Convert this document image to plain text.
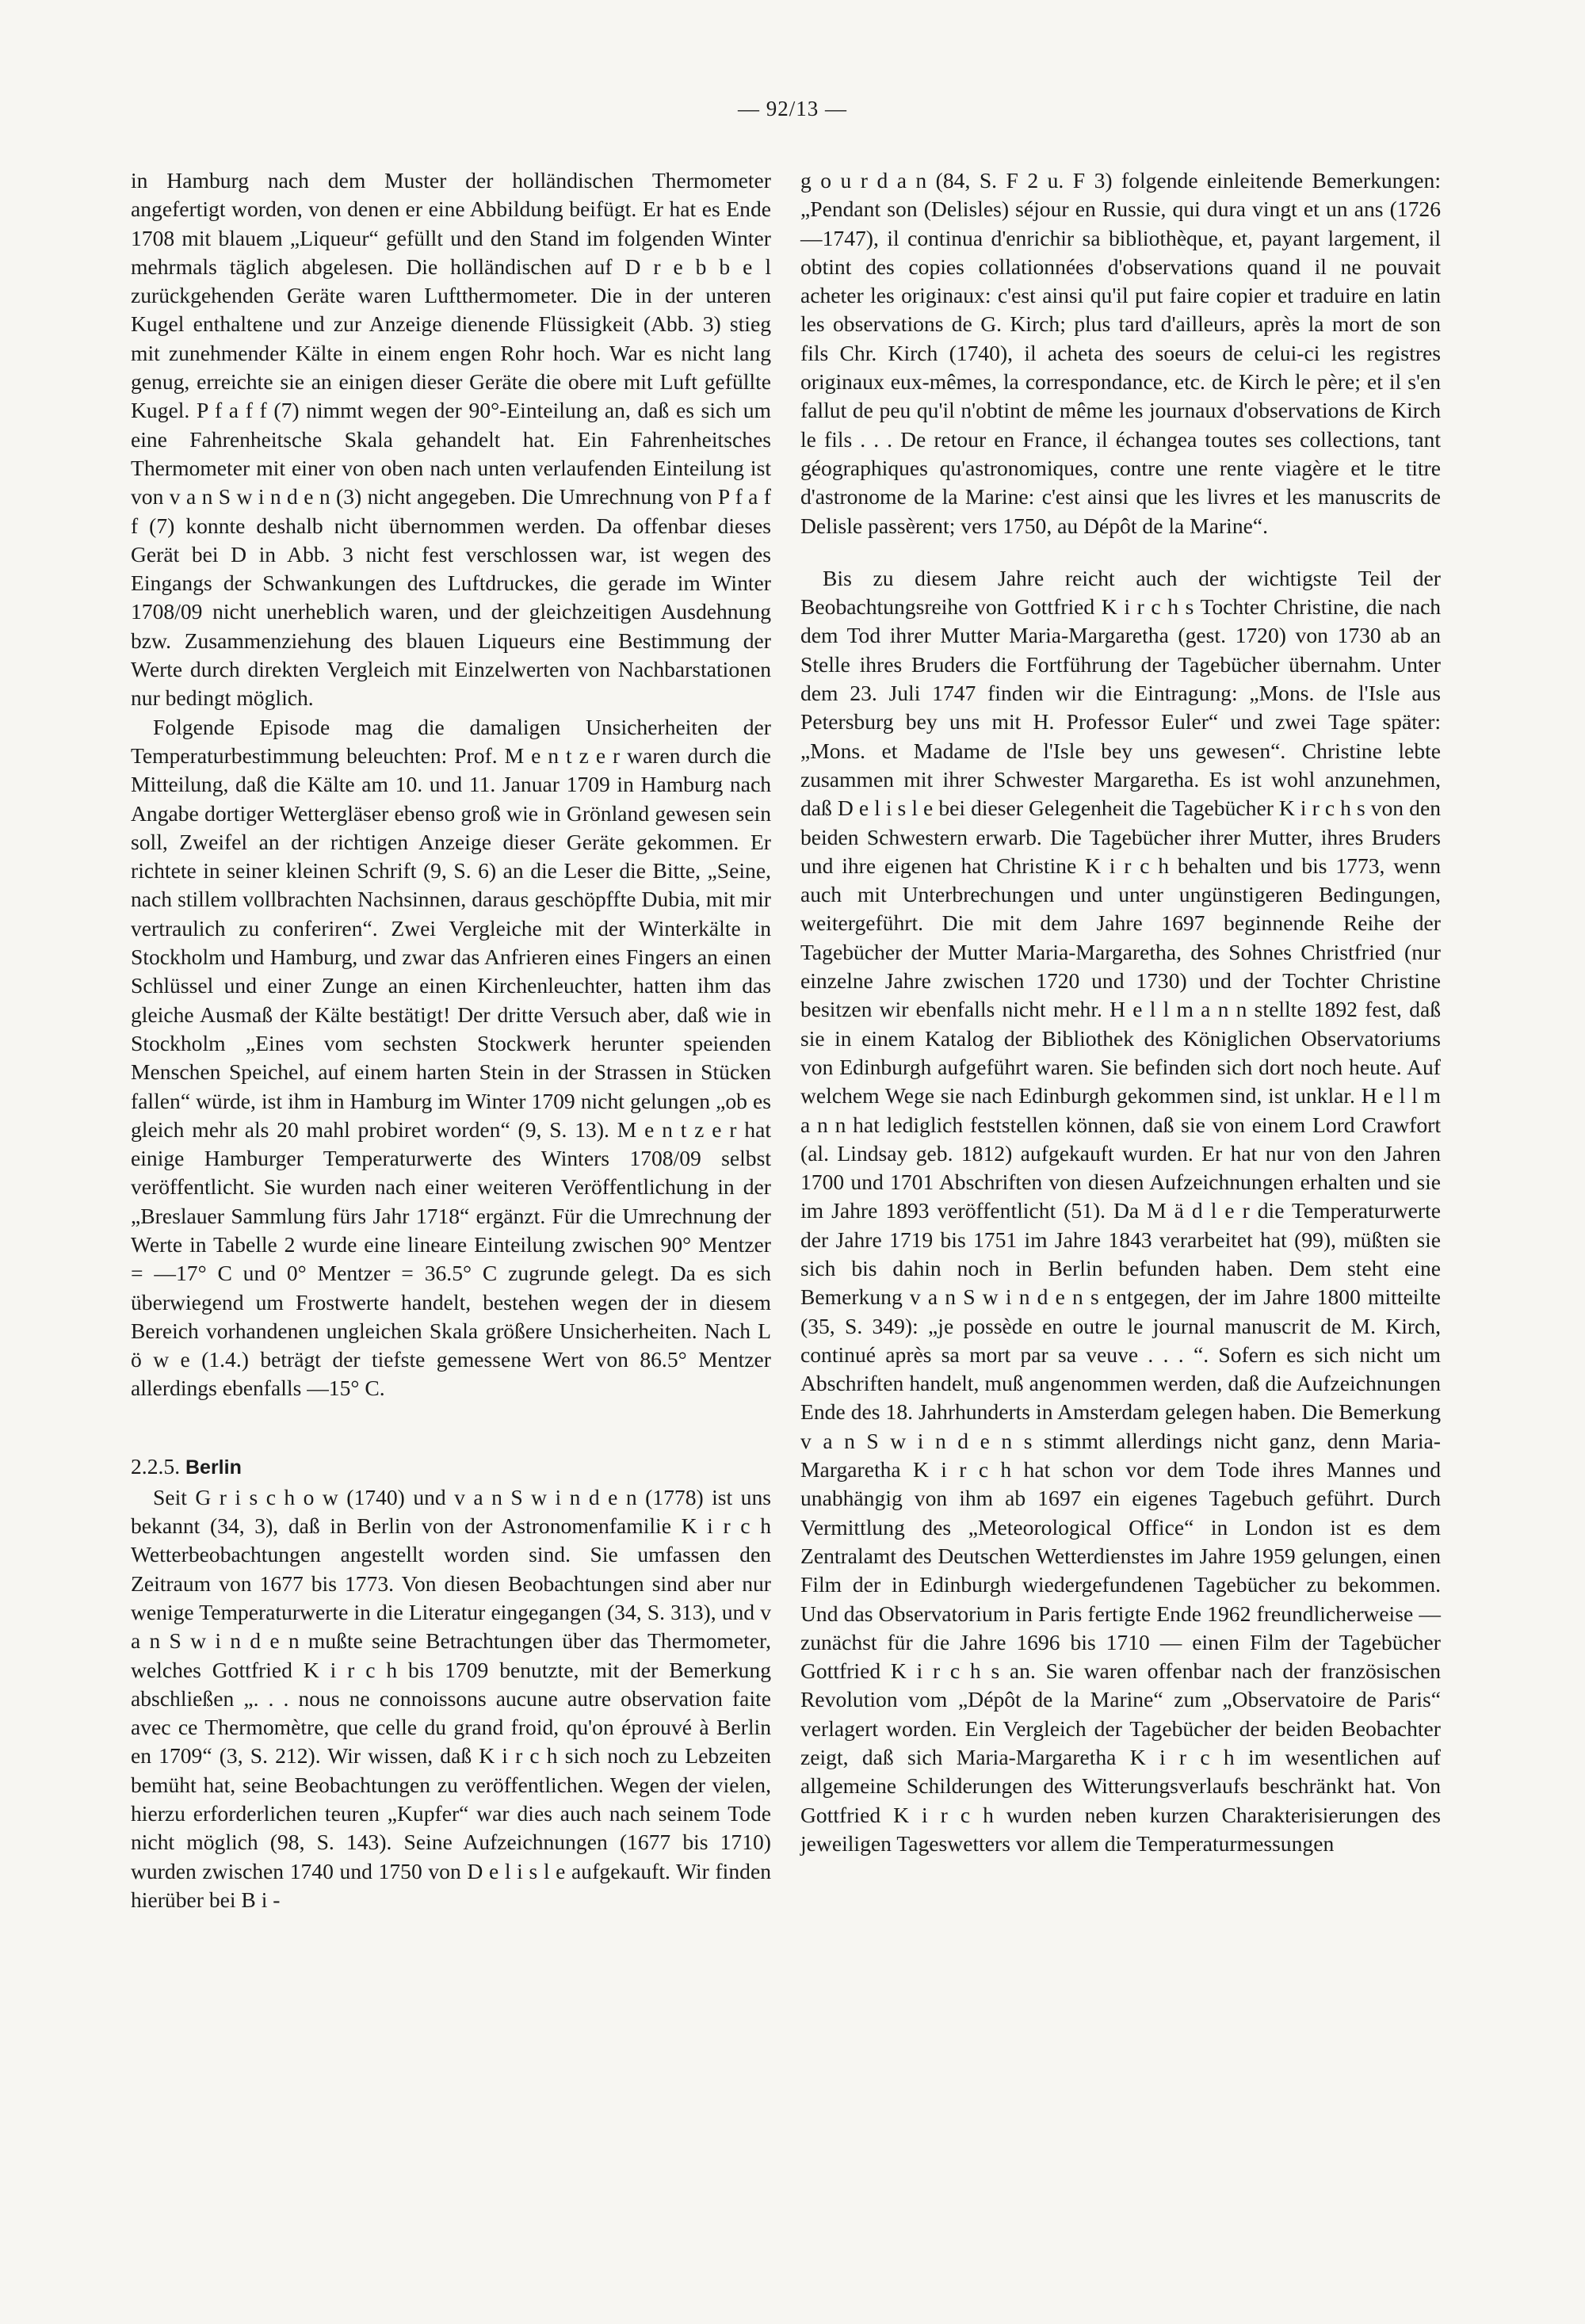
— 92/13 —

in Hamburg nach dem Muster der holländischen Thermometer angefertigt worden, von denen er eine Abbildung beifügt. Er hat es Ende 1708 mit blauem „Liqueur“ gefüllt und den Stand im folgenden Winter mehrmals täglich abgelesen. Die holländischen auf D r e b b e l zurückgehenden Geräte waren Luftthermometer. Die in der unteren Kugel enthaltene und zur Anzeige dienende Flüssigkeit (Abb. 3) stieg mit zunehmender Kälte in einem engen Rohr hoch. War es nicht lang genug, erreichte sie an einigen dieser Geräte die obere mit Luft gefüllte Kugel. P f a f f (7) nimmt wegen der 90°-Einteilung an, daß es sich um eine Fahrenheitsche Skala gehandelt hat. Ein Fahrenheitsches Thermometer mit einer von oben nach unten verlaufenden Einteilung ist von v a n S w i n d e n (3) nicht angegeben. Die Umrechnung von P f a f f (7) konnte deshalb nicht übernommen werden. Da offenbar dieses Gerät bei D in Abb. 3 nicht fest verschlossen war, ist wegen des Eingangs der Schwankungen des Luftdruckes, die gerade im Winter 1708/09 nicht unerheblich waren, und der gleichzeitigen Ausdehnung bzw. Zusammenziehung des blauen Liqueurs eine Bestimmung der Werte durch direkten Vergleich mit Einzelwerten von Nachbarstationen nur bedingt möglich.

Folgende Episode mag die damaligen Unsicherheiten der Temperaturbestimmung beleuchten: Prof. M e n t z e r waren durch die Mitteilung, daß die Kälte am 10. und 11. Januar 1709 in Hamburg nach Angabe dortiger Wettergläser ebenso groß wie in Grönland gewesen sein soll, Zweifel an der richtigen Anzeige dieser Geräte gekommen. Er richtete in seiner kleinen Schrift (9, S. 6) an die Leser die Bitte, „Seine, nach stillem vollbrachten Nachsinnen, daraus geschöpffte Dubia, mit mir vertraulich zu conferiren“. Zwei Vergleiche mit der Winterkälte in Stockholm und Hamburg, und zwar das Anfrieren eines Fingers an einen Schlüssel und einer Zunge an einen Kirchenleuchter, hatten ihm das gleiche Ausmaß der Kälte bestätigt! Der dritte Versuch aber, daß wie in Stockholm „Eines vom sechsten Stockwerk herunter speienden Menschen Speichel, auf einem harten Stein in der Strassen in Stücken fallen“ würde, ist ihm in Hamburg im Winter 1709 nicht gelungen „ob es gleich mehr als 20 mahl probiret worden“ (9, S. 13). M e n t z e r hat einige Hamburger Temperaturwerte des Winters 1708/09 selbst veröffentlicht. Sie wurden nach einer weiteren Veröffentlichung in der „Breslauer Sammlung fürs Jahr 1718“ ergänzt. Für die Umrechnung der Werte in Tabelle 2 wurde eine lineare Einteilung zwischen 90° Mentzer = —17° C und 0° Mentzer = 36.5° C zugrunde gelegt. Da es sich überwiegend um Frostwerte handelt, bestehen wegen der in diesem Bereich vorhandenen ungleichen Skala größere Unsicherheiten. Nach L ö w e (1.4.) beträgt der tiefste gemessene Wert von 86.5° Mentzer allerdings ebenfalls —15° C.

2.2.5. Berlin

Seit G r i s c h o w (1740) und v a n S w i n d e n (1778) ist uns bekannt (34, 3), daß in Berlin von der Astronomenfamilie K i r c h Wetterbeobachtungen angestellt worden sind. Sie umfassen den Zeitraum von 1677 bis 1773. Von diesen Beobachtungen sind aber nur wenige Temperaturwerte in die Literatur eingegangen (34, S. 313), und v a n S w i n d e n mußte seine Betrachtungen über das Thermometer, welches Gottfried K i r c h bis 1709 benutzte, mit der Bemerkung abschließen „. . . nous ne connoissons aucune autre observation faite avec ce Thermomètre, que celle du grand froid, qu'on éprouvé à Berlin en 1709“ (3, S. 212). Wir wissen, daß K i r c h sich noch zu Lebzeiten bemüht hat, seine Beobachtungen zu veröffentlichen. Wegen der vielen, hierzu erforderlichen teuren „Kupfer“ war dies auch nach seinem Tode nicht möglich (98, S. 143). Seine Aufzeichnungen (1677 bis 1710) wurden zwischen 1740 und 1750 von D e l i s l e aufgekauft. Wir finden hierüber bei B i -

g o u r d a n (84, S. F 2 u. F 3) folgende einleitende Bemerkungen: „Pendant son (Delisles) séjour en Russie, qui dura vingt et un ans (1726—1747), il continua d'enrichir sa bibliothèque, et, payant largement, il obtint des copies collationnées d'observations quand il ne pouvait acheter les originaux: c'est ainsi qu'il put faire copier et traduire en latin les observations de G. Kirch; plus tard d'ailleurs, après la mort de son fils Chr. Kirch (1740), il acheta des soeurs de celui-ci les registres originaux eux-mêmes, la correspondance, etc. de Kirch le père; et il s'en fallut de peu qu'il n'obtint de même les journaux d'observations de Kirch le fils . . . De retour en France, il échangea toutes ses collections, tant géographiques qu'astronomiques, contre une rente viagère et le titre d'astronome de la Marine: c'est ainsi que les livres et les manuscrits de Delisle passèrent; vers 1750, au Dépôt de la Marine“.

Bis zu diesem Jahre reicht auch der wichtigste Teil der Beobachtungsreihe von Gottfried K i r c h s Tochter Christine, die nach dem Tod ihrer Mutter Maria-Margaretha (gest. 1720) von 1730 ab an Stelle ihres Bruders die Fortführung der Tagebücher übernahm. Unter dem 23. Juli 1747 finden wir die Eintragung: „Mons. de l'Isle aus Petersburg bey uns mit H. Professor Euler“ und zwei Tage später: „Mons. et Madame de l'Isle bey uns gewesen“. Christine lebte zusammen mit ihrer Schwester Margaretha. Es ist wohl anzunehmen, daß D e l i s l e bei dieser Gelegenheit die Tagebücher K i r c h s von den beiden Schwestern erwarb. Die Tagebücher ihrer Mutter, ihres Bruders und ihre eigenen hat Christine K i r c h behalten und bis 1773, wenn auch mit Unterbrechungen und unter ungünstigeren Bedingungen, weitergeführt. Die mit dem Jahre 1697 beginnende Reihe der Tagebücher der Mutter Maria-Margaretha, des Sohnes Christfried (nur einzelne Jahre zwischen 1720 und 1730) und der Tochter Christine besitzen wir ebenfalls nicht mehr. H e l l m a n n stellte 1892 fest, daß sie in einem Katalog der Bibliothek des Königlichen Observatoriums von Edinburgh aufgeführt waren. Sie befinden sich dort noch heute. Auf welchem Wege sie nach Edinburgh gekommen sind, ist unklar. H e l l m a n n hat lediglich feststellen können, daß sie von einem Lord Crawfort (al. Lindsay geb. 1812) aufgekauft wurden. Er hat nur von den Jahren 1700 und 1701 Abschriften von diesen Aufzeichnungen erhalten und sie im Jahre 1893 veröffentlicht (51). Da M ä d l e r die Temperaturwerte der Jahre 1719 bis 1751 im Jahre 1843 verarbeitet hat (99), müßten sie sich bis dahin noch in Berlin befunden haben. Dem steht eine Bemerkung v a n S w i n d e n s entgegen, der im Jahre 1800 mitteilte (35, S. 349): „je possède en outre le journal manuscrit de M. Kirch, continué après sa mort par sa veuve . . . “. Sofern es sich nicht um Abschriften handelt, muß angenommen werden, daß die Aufzeichnungen Ende des 18. Jahrhunderts in Amsterdam gelegen haben. Die Bemerkung v a n S w i n d e n s stimmt allerdings nicht ganz, denn Maria-Margaretha K i r c h hat schon vor dem Tode ihres Mannes und unabhängig von ihm ab 1697 ein eigenes Tagebuch geführt. Durch Vermittlung des „Meteorological Office“ in London ist es dem Zentralamt des Deutschen Wetterdienstes im Jahre 1959 gelungen, einen Film der in Edinburgh wiedergefundenen Tagebücher zu bekommen. Und das Observatorium in Paris fertigte Ende 1962 freundlicherweise — zunächst für die Jahre 1696 bis 1710 — einen Film der Tagebücher Gottfried K i r c h s an. Sie waren offenbar nach der französischen Revolution vom „Dépôt de la Marine“ zum „Observatoire de Paris“ verlagert worden. Ein Vergleich der Tagebücher der beiden Beobachter zeigt, daß sich Maria-Margaretha K i r c h im wesentlichen auf allgemeine Schilderungen des Witterungsverlaufs beschränkt hat. Von Gottfried K i r c h wurden neben kurzen Charakterisierungen des jeweiligen Tageswetters vor allem die Temperaturmessungen
